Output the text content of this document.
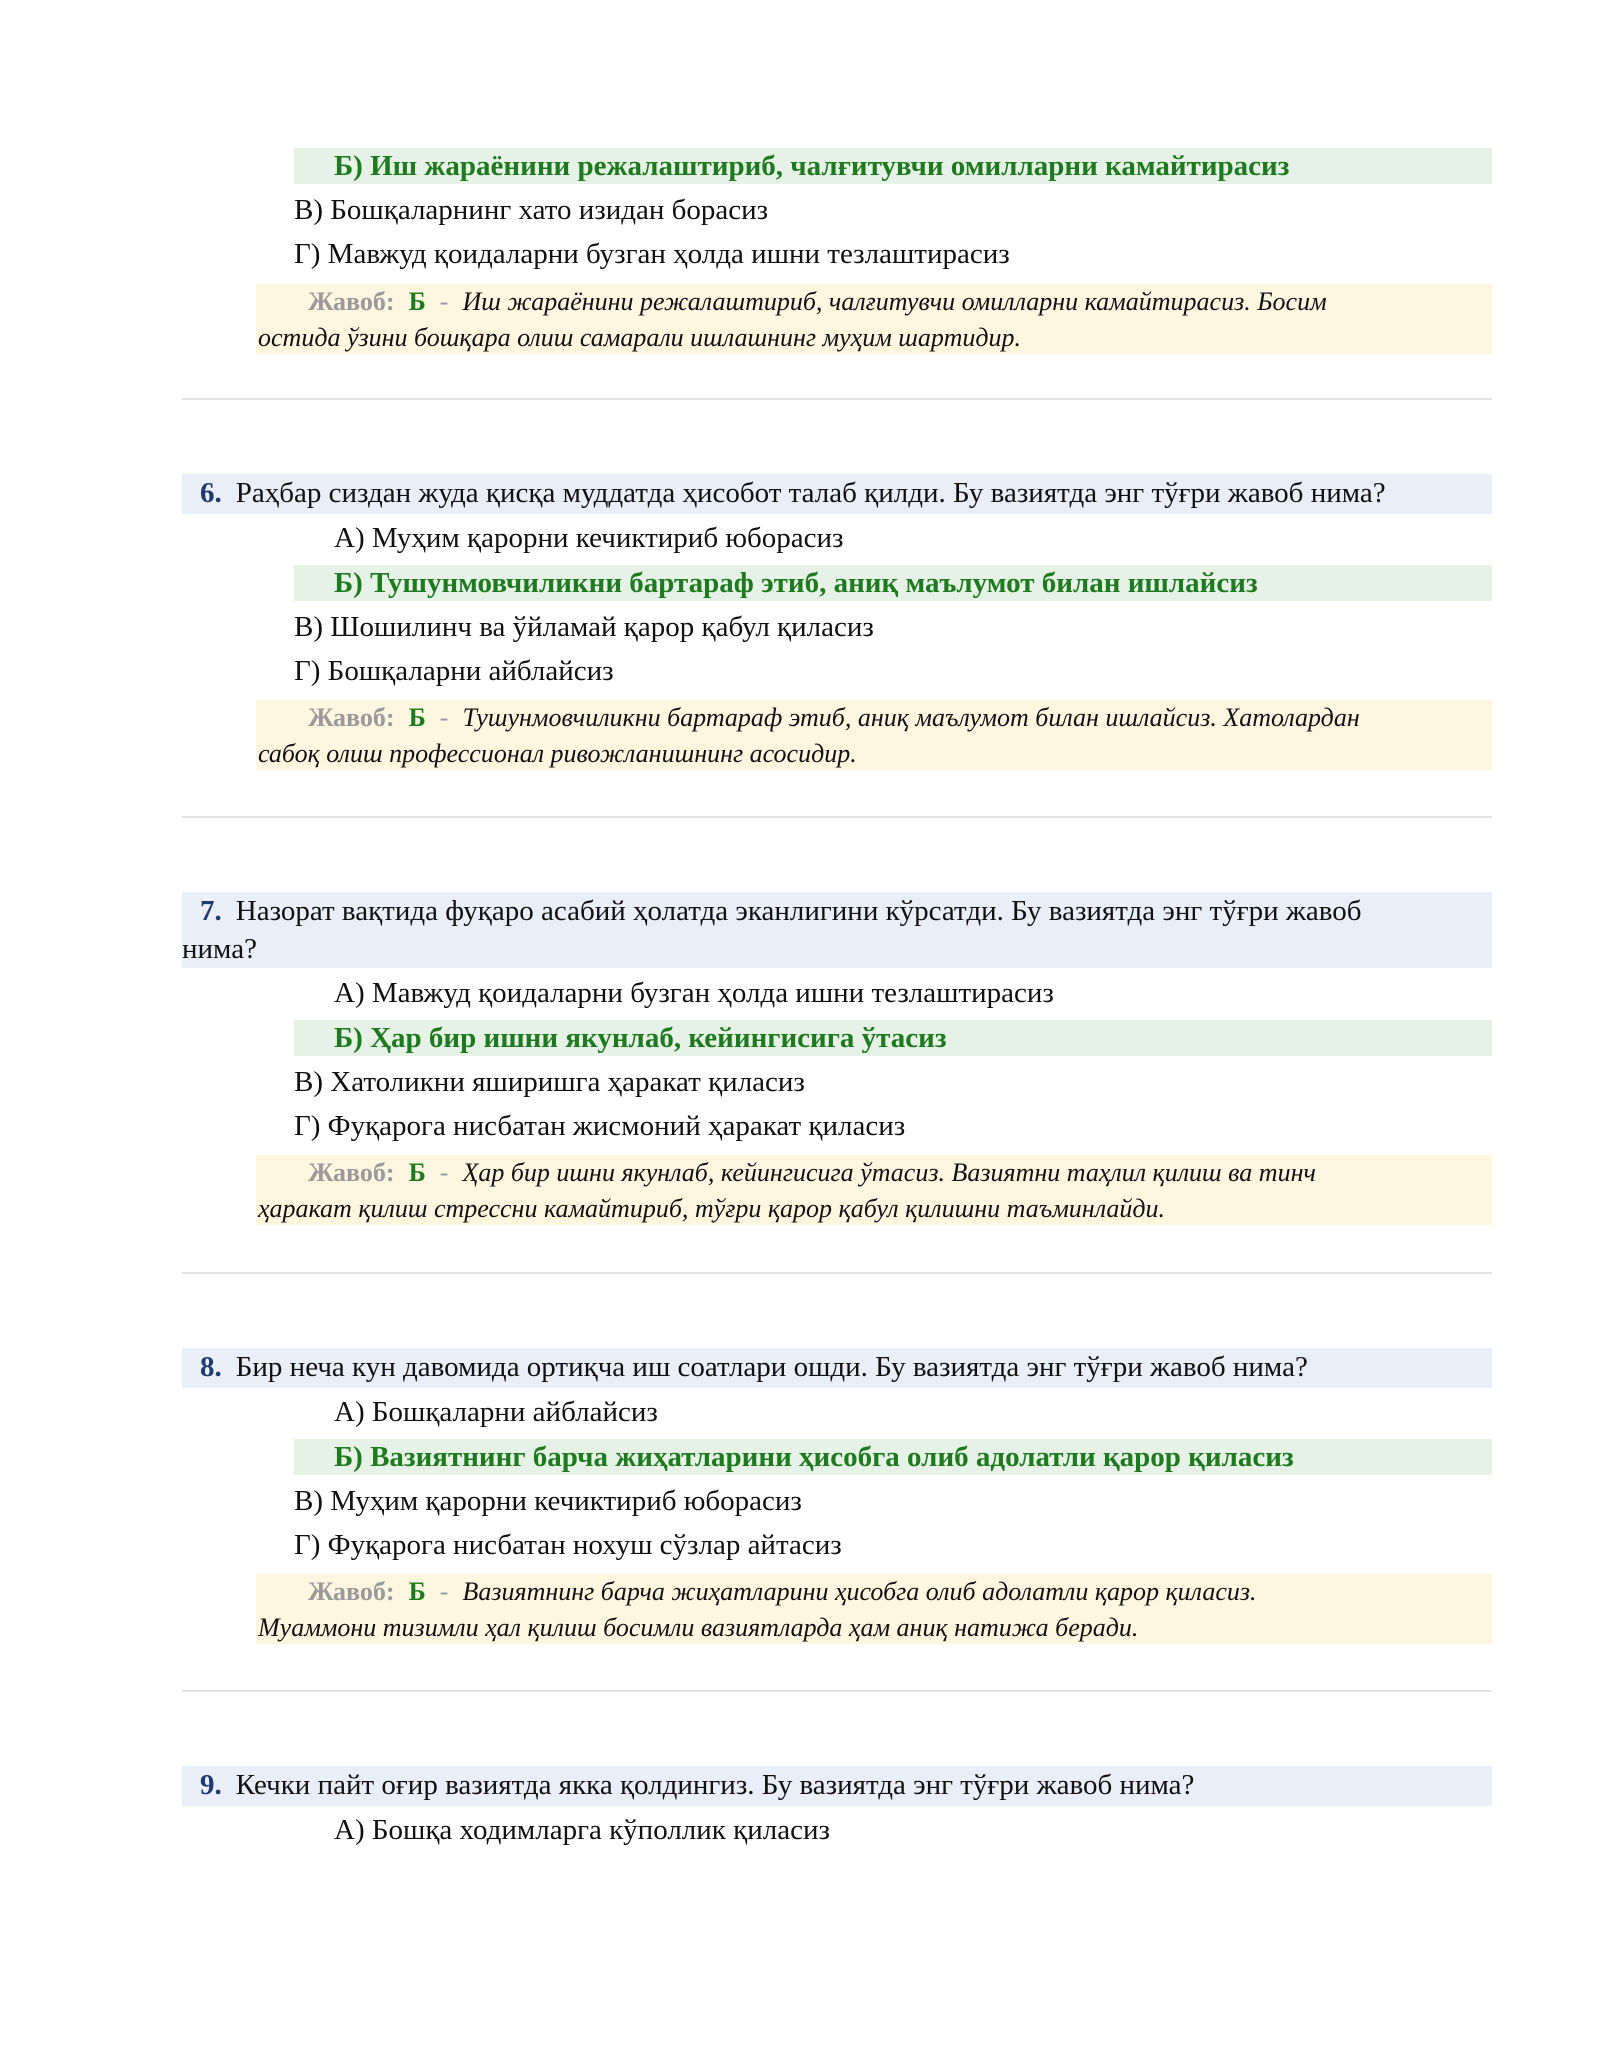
Б) Иш жараёнини режалаштириб, чалғитувчи омилларни камайтирасиз
В) Бошқаларнинг хато изидан борасиз
Г) Мавжуд қоидаларни бузган ҳолда ишни тезлаштирасиз
Жавоб: Б - Иш жараёнини режалаштириб, чалғитувчи омилларни камайтирасиз. Босим
остида ўзини бошқара олиш самарали ишлашнинг муҳим шартидир.
6. Раҳбар сиздан жуда қисқа муддатда ҳисобот талаб қилди. Бу вазиятда энг тўғри жавоб нима?
А) Муҳим қарорни кечиктириб юборасиз
Б) Тушунмовчиликни бартараф этиб, аниқ маълумот билан ишлайсиз
В) Шошилинч ва ўйламай қарор қабул қиласиз
Г) Бошқаларни айблайсиз
Жавоб: Б - Тушунмовчиликни бартараф этиб, аниқ маълумот билан ишлайсиз. Хатолардан
сабоқ олиш профессионал ривожланишнинг асосидир.
7. Назорат вақтида фуқаро асабий ҳолатда эканлигини кўрсатди. Бу вазиятда энг тўғри жавоб
нима?
А) Мавжуд қоидаларни бузган ҳолда ишни тезлаштирасиз
Б) Ҳар бир ишни якунлаб, кейингисига ўтасиз
В) Хатоликни яширишга ҳаракат қиласиз
Г) Фуқарога нисбатан жисмоний ҳаракат қиласиз
Жавоб: Б - Ҳар бир ишни якунлаб, кейингисига ўтасиз. Вазиятни таҳлил қилиш ва тинч
ҳаракат қилиш стрессни камайтириб, тўғри қарор қабул қилишни таъминлайди.
8. Бир неча кун давомида ортиқча иш соатлари ошди. Бу вазиятда энг тўғри жавоб нима?
А) Бошқаларни айблайсиз
Б) Вазиятнинг барча жиҳатларини ҳисобга олиб адолатли қарор қиласиз
В) Муҳим қарорни кечиктириб юборасиз
Г) Фуқарога нисбатан нохуш сўзлар айтасиз
Жавоб: Б - Вазиятнинг барча жиҳатларини ҳисобга олиб адолатли қарор қиласиз.
Муаммони тизимли ҳал қилиш босимли вазиятларда ҳам аниқ натижа беради.
9. Кечки пайт оғир вазиятда якка қолдингиз. Бу вазиятда энг тўғри жавоб нима?
А) Бошқа ходимларга кўполлик қиласиз
